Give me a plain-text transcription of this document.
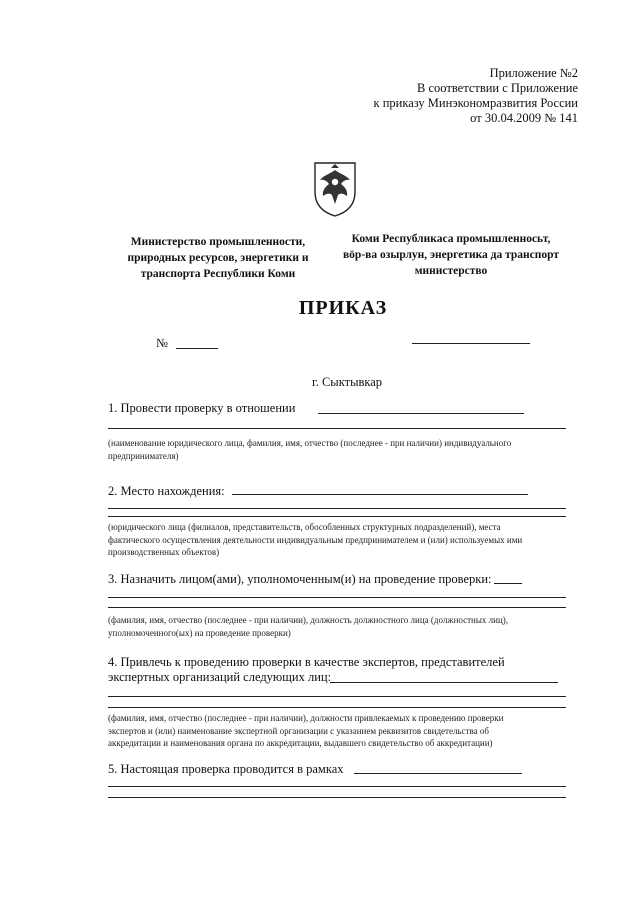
Приложение №2
В соответствии с Приложение
к приказу Минэкономразвития России
от 30.04.2009 № 141
Министерство промышленности,
природных ресурсов, энергетики и
транспорта Республики Коми
Коми Республикаса промышленносьт,
вӧр-ва озырлун, энергетика да транспорт
министерство
ПРИКАЗ
№
г. Сыктывкар
1. Провести проверку в отношении
(наименование юридического лица, фамилия, имя, отчество (последнее - при наличии) индивидуального
предпринимателя)
2. Место нахождения:
(юридического лица (филиалов, представительств, обособленных структурных подразделений), места
фактического осуществления деятельности индивидуальным предпринимателем и (или) используемых ими
производственных объектов)
3. Назначить лицом(ами), уполномоченным(и) на проведение проверки:
(фамилия, имя, отчество (последнее - при наличии), должность должностного лица (должностных лиц),
уполномоченного(ых) на проведение проверки)
4. Привлечь к проведению проверки в качестве экспертов, представителей
экспертных организаций следующих лиц:
(фамилия, имя, отчество (последнее - при наличии), должности привлекаемых к проведению проверки
экспертов и (или) наименование экспертной организации с указанием реквизитов свидетельства об
аккредитации и наименования органа по аккредитации, выдавшего свидетельство об аккредитации)
5. Настоящая проверка проводится в рамках
